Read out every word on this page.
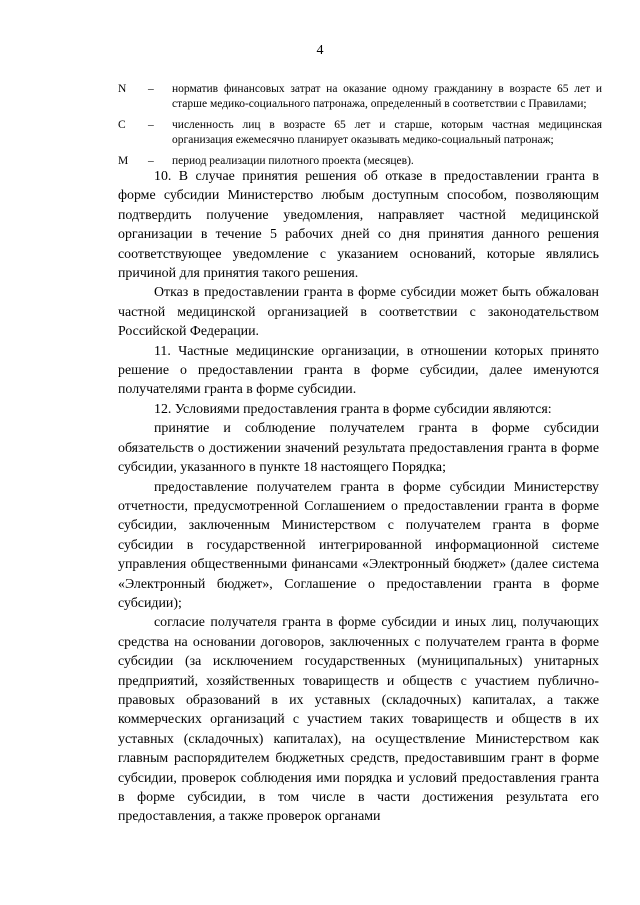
4
N	–	норматив финансовых затрат на оказание одному гражданину в возрасте 65 лет и старше медико-социального патронажа, определенный в соответствии с Правилами;
C	–	численность лиц в возрасте 65 лет и старше, которым частная медицинская организация ежемесячно планирует оказывать медико-социальный патронаж;
M	–	период реализации пилотного проекта (месяцев).

10. В случае принятия решения об отказе в предоставлении гранта в форме субсидии Министерство любым доступным способом, позволяющим подтвердить получение уведомления, направляет частной медицинской организации в течение 5 рабочих дней со дня принятия данного решения соответствующее уведомление с указанием оснований, которые являлись причиной для принятия такого решения.

Отказ в предоставлении гранта в форме субсидии может быть обжалован частной медицинской организацией в соответствии с законодательством Российской Федерации.

11. Частные медицинские организации, в отношении которых принято решение о предоставлении гранта в форме субсидии, далее именуются получателями гранта в форме субсидии.

12. Условиями предоставления гранта в форме субсидии являются:

принятие и соблюдение получателем гранта в форме субсидии обязательств о достижении значений результата предоставления гранта в форме субсидии, указанного в пункте 18 настоящего Порядка;

предоставление получателем гранта в форме субсидии Министерству отчетности, предусмотренной Соглашением о предоставлении гранта в форме субсидии, заключенным Министерством с получателем гранта в форме субсидии в государственной интегрированной информационной системе управления общественными финансами «Электронный бюджет» (далее система «Электронный бюджет», Соглашение о предоставлении гранта в форме субсидии);

согласие получателя гранта в форме субсидии и иных лиц, получающих средства на основании договоров, заключенных с получателем гранта в форме субсидии (за исключением государственных (муниципальных) унитарных предприятий, хозяйственных товариществ и обществ с участием публично-правовых образований в их уставных (складочных) капиталах, а также коммерческих организаций с участием таких товариществ и обществ в их уставных (складочных) капиталах), на осуществление Министерством как главным распорядителем бюджетных средств, предоставившим грант в форме субсидии, проверок соблюдения ими порядка и условий предоставления гранта в форме субсидии, в том числе в части достижения результата его предоставления, а также проверок органами
